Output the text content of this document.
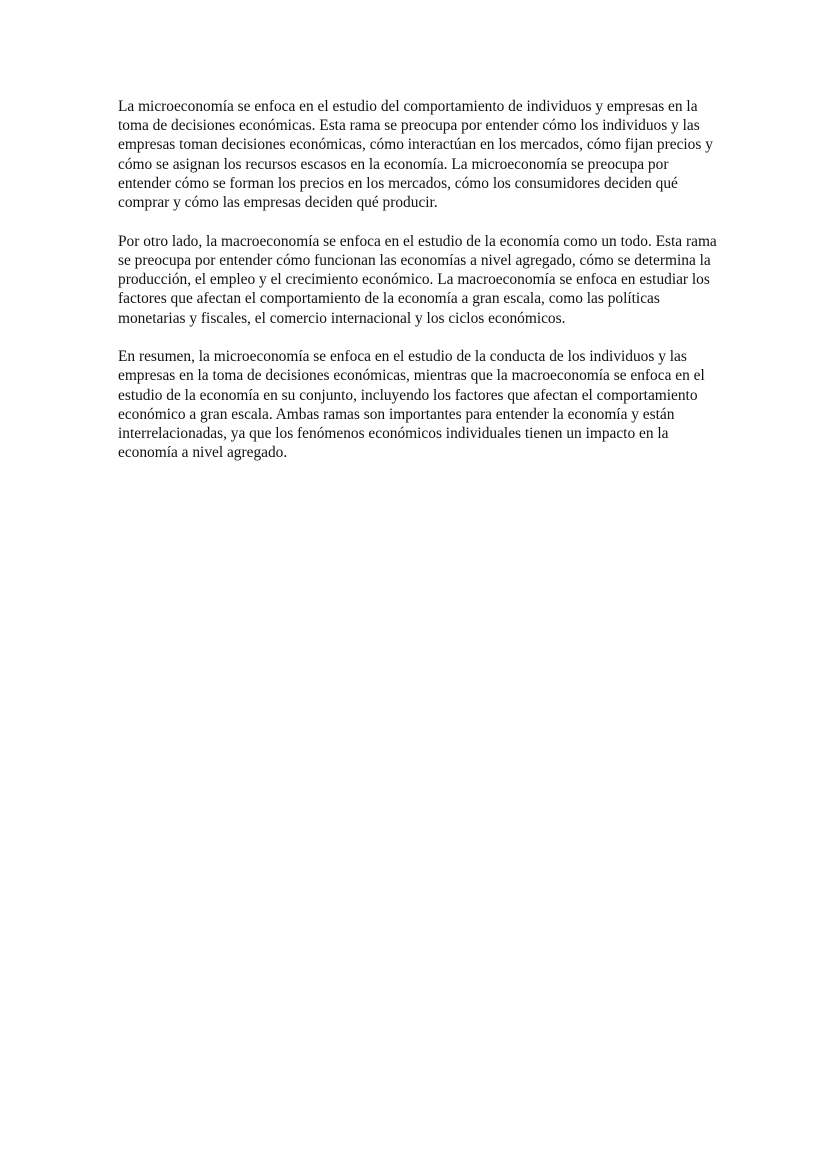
La microeconomía se enfoca en el estudio del comportamiento de individuos y empresas en la toma de decisiones económicas. Esta rama se preocupa por entender cómo los individuos y las empresas toman decisiones económicas, cómo interactúan en los mercados, cómo fijan precios y cómo se asignan los recursos escasos en la economía. La microeconomía se preocupa por entender cómo se forman los precios en los mercados, cómo los consumidores deciden qué comprar y cómo las empresas deciden qué producir.

Por otro lado, la macroeconomía se enfoca en el estudio de la economía como un todo. Esta rama se preocupa por entender cómo funcionan las economías a nivel agregado, cómo se determina la producción, el empleo y el crecimiento económico. La macroeconomía se enfoca en estudiar los factores que afectan el comportamiento de la economía a gran escala, como las políticas monetarias y fiscales, el comercio internacional y los ciclos económicos.

En resumen, la microeconomía se enfoca en el estudio de la conducta de los individuos y las empresas en la toma de decisiones económicas, mientras que la macroeconomía se enfoca en el estudio de la economía en su conjunto, incluyendo los factores que afectan el comportamiento económico a gran escala. Ambas ramas son importantes para entender la economía y están interrelacionadas, ya que los fenómenos económicos individuales tienen un impacto en la economía a nivel agregado.
